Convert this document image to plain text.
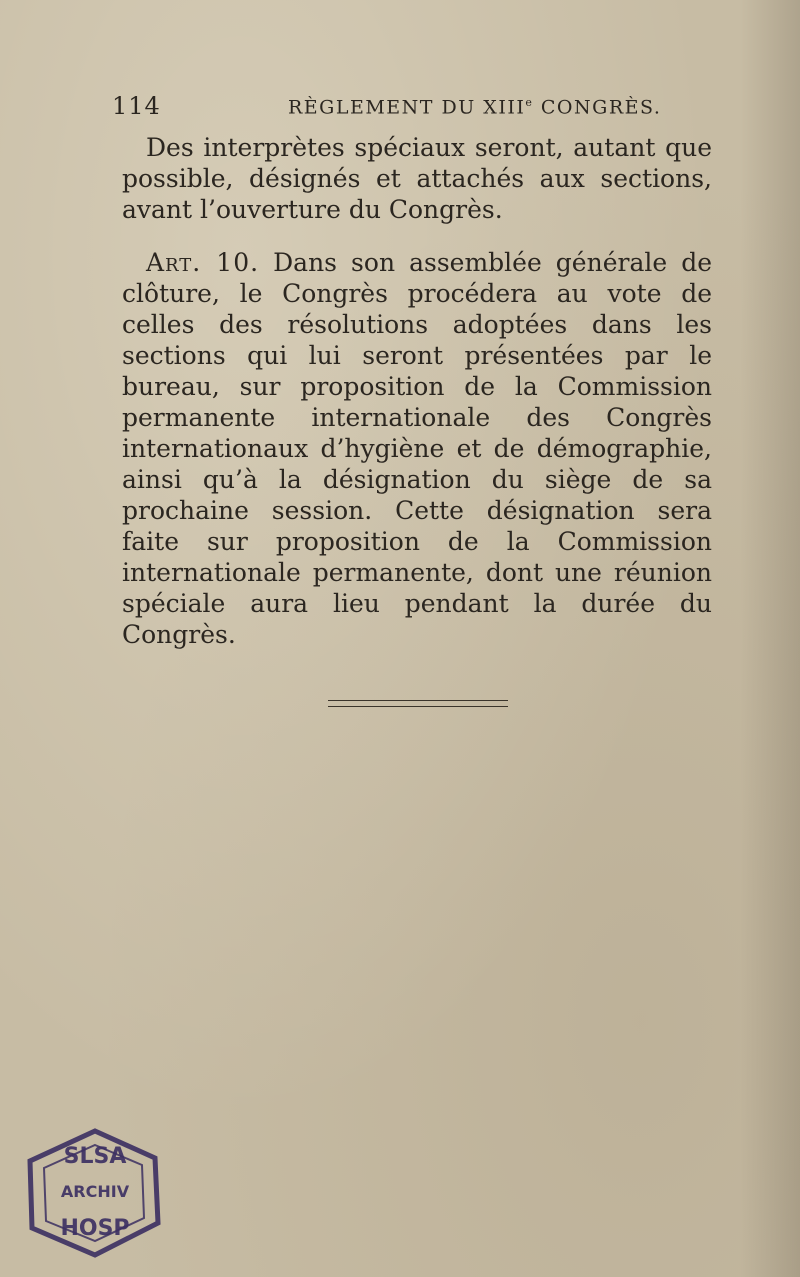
114	RÈGLEMENT DU XIIIe CONGRÈS.

Des interprètes spéciaux seront, autant que possible, désignés et attachés aux sections, avant l’ouverture du Congrès.

Art. 10. Dans son assemblée générale de clôture, le Congrès procédera au vote de celles des résolutions adoptées dans les sections qui lui seront présentées par le bureau, sur proposition de la Commission permanente internationale des Congrès internationaux d’hygiène et de démographie, ainsi qu’à la désignation du siège de sa prochaine session. Cette désignation sera faite sur proposition de la Commission internationale permanente, dont une réunion spéciale aura lieu pendant la durée du Congrès.

SLSA
ARCHIV
HOSP
